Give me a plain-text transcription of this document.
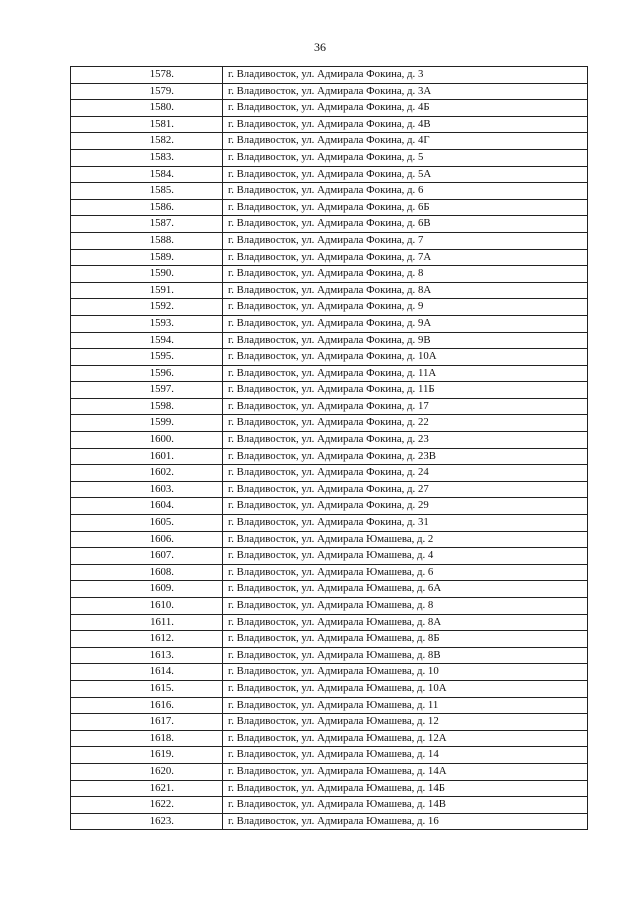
36
1578.	г. Владивосток, ул. Адмирала Фокина, д. 3
1579.	г. Владивосток, ул. Адмирала Фокина, д. 3А
1580.	г. Владивосток, ул. Адмирала Фокина, д. 4Б
1581.	г. Владивосток, ул. Адмирала Фокина, д. 4В
1582.	г. Владивосток, ул. Адмирала Фокина, д. 4Г
1583.	г. Владивосток, ул. Адмирала Фокина, д. 5
1584.	г. Владивосток, ул. Адмирала Фокина, д. 5А
1585.	г. Владивосток, ул. Адмирала Фокина, д. 6
1586.	г. Владивосток, ул. Адмирала Фокина, д. 6Б
1587.	г. Владивосток, ул. Адмирала Фокина, д. 6В
1588.	г. Владивосток, ул. Адмирала Фокина, д. 7
1589.	г. Владивосток, ул. Адмирала Фокина, д. 7А
1590.	г. Владивосток, ул. Адмирала Фокина, д. 8
1591.	г. Владивосток, ул. Адмирала Фокина, д. 8А
1592.	г. Владивосток, ул. Адмирала Фокина, д. 9
1593.	г. Владивосток, ул. Адмирала Фокина, д. 9А
1594.	г. Владивосток, ул. Адмирала Фокина, д. 9В
1595.	г. Владивосток, ул. Адмирала Фокина, д. 10А
1596.	г. Владивосток, ул. Адмирала Фокина, д. 11А
1597.	г. Владивосток, ул. Адмирала Фокина, д. 11Б
1598.	г. Владивосток, ул. Адмирала Фокина, д. 17
1599.	г. Владивосток, ул. Адмирала Фокина, д. 22
1600.	г. Владивосток, ул. Адмирала Фокина, д. 23
1601.	г. Владивосток, ул. Адмирала Фокина, д. 23В
1602.	г. Владивосток, ул. Адмирала Фокина, д. 24
1603.	г. Владивосток, ул. Адмирала Фокина, д. 27
1604.	г. Владивосток, ул. Адмирала Фокина, д. 29
1605.	г. Владивосток, ул. Адмирала Фокина, д. 31
1606.	г. Владивосток, ул. Адмирала Юмашева, д. 2
1607.	г. Владивосток, ул. Адмирала Юмашева, д. 4
1608.	г. Владивосток, ул. Адмирала Юмашева, д. 6
1609.	г. Владивосток, ул. Адмирала Юмашева, д. 6А
1610.	г. Владивосток, ул. Адмирала Юмашева, д. 8
1611.	г. Владивосток, ул. Адмирала Юмашева, д. 8А
1612.	г. Владивосток, ул. Адмирала Юмашева, д. 8Б
1613.	г. Владивосток, ул. Адмирала Юмашева, д. 8В
1614.	г. Владивосток, ул. Адмирала Юмашева, д. 10
1615.	г. Владивосток, ул. Адмирала Юмашева, д. 10А
1616.	г. Владивосток, ул. Адмирала Юмашева, д. 11
1617.	г. Владивосток, ул. Адмирала Юмашева, д. 12
1618.	г. Владивосток, ул. Адмирала Юмашева, д. 12А
1619.	г. Владивосток, ул. Адмирала Юмашева, д. 14
1620.	г. Владивосток, ул. Адмирала Юмашева, д. 14А
1621.	г. Владивосток, ул. Адмирала Юмашева, д. 14Б
1622.	г. Владивосток, ул. Адмирала Юмашева, д. 14В
1623.	г. Владивосток, ул. Адмирала Юмашева, д. 16
